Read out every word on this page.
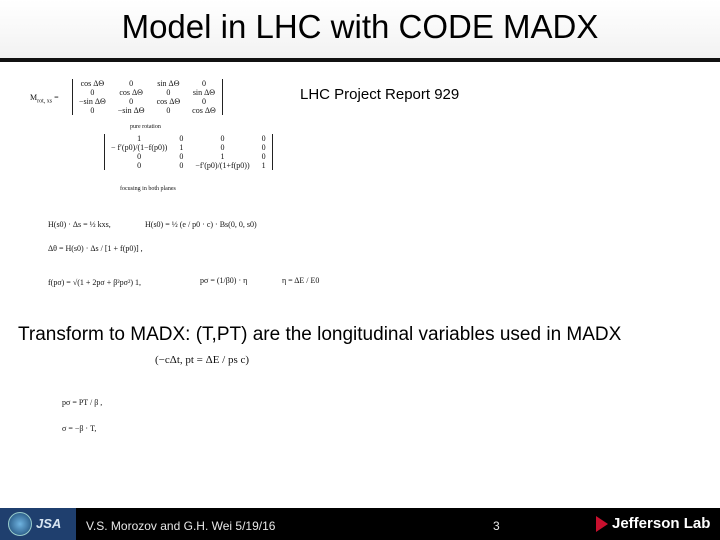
Model in LHC with CODE MADX
LHC Project Report 929
$M_{rot, xs}$ =
cos ΔΘ	0	sin ΔΘ	0
0	cos ΔΘ	0	sin ΔΘ
−sin ΔΘ	0	cos ΔΘ	0
0	−sin ΔΘ	0	cos ΔΘ
pure rotation
1	0	0	0
− f′(p0)/(1−f(p0))	1	0	0
0	0	1	0
0	0	−f′(p0)/(1+f(p0))	1
focusing in both planes
H(s0) · Δs = ½ kxs,	H(s0) = ½ (e / p0 · c) · Bs(0, 0, s0)
Δθ = H(s0) · Δs / [1 + f(p0)] ,
f(pσ) = √(1 + 2pσ + β²pσ²) 1,	pσ = (1/β0) · η	η = ΔE / E0
Transform to MADX: (T,PT) are the longitudinal variables used in MADX
(−cΔt, pt = ΔE / ps c)
pσ = PT / β ,
σ = −β · T,
JSA V.S. Morozov and G.H. Wei 5/19/16	3	Jefferson Lab
